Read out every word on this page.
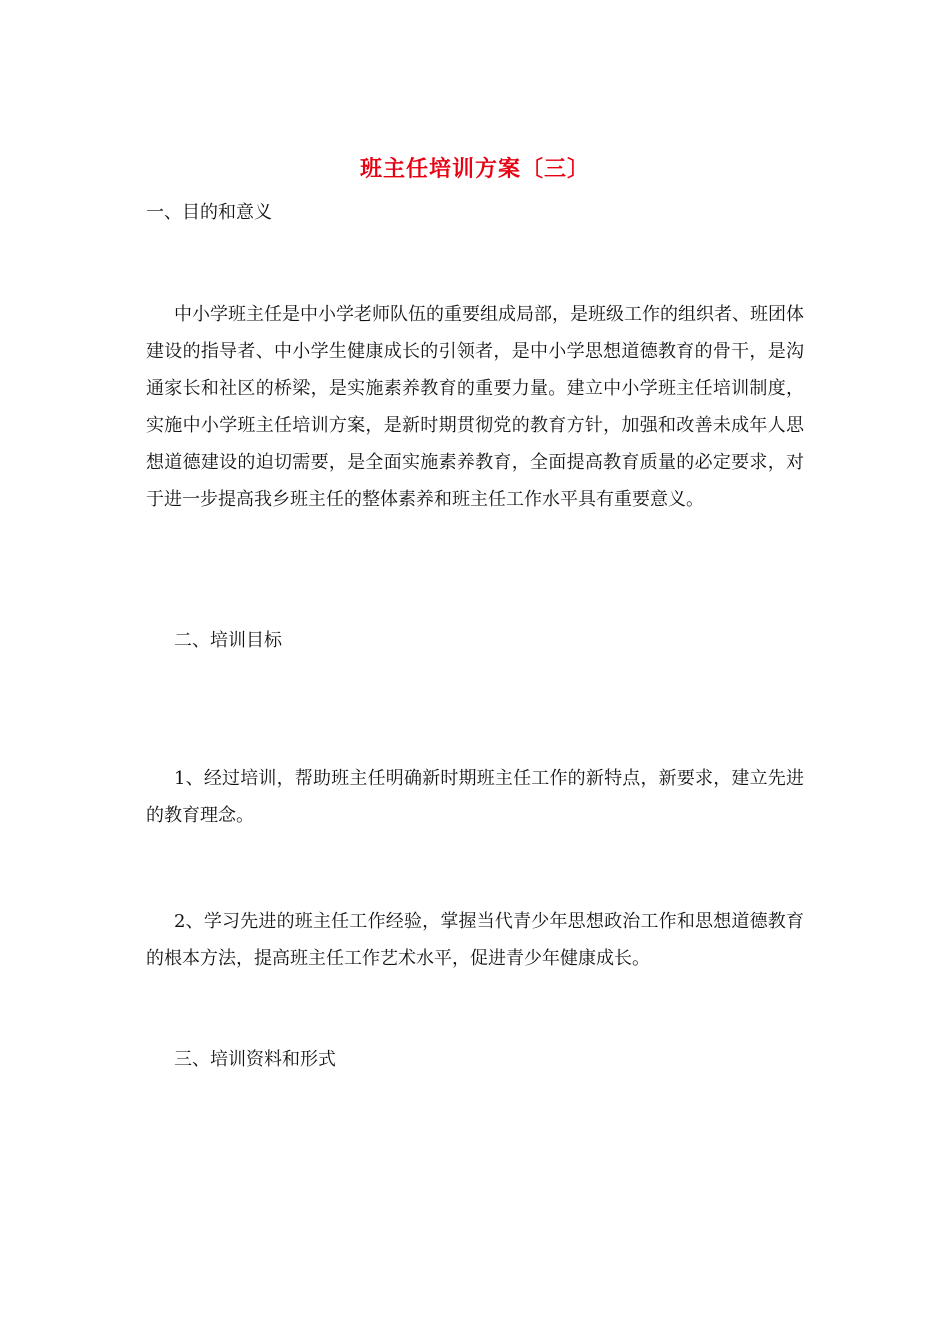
班主任培训方案〔三〕
一、目的和意义
中小学班主任是中小学老师队伍的重要组成局部，是班级工作的组织者、班团体建设的指导者、中小学生健康成长的引领者，是中小学思想道德教育的骨干，是沟通家长和社区的桥梁，是实施素养教育的重要力量。建立中小学班主任培训制度，实施中小学班主任培训方案，是新时期贯彻党的教育方针，加强和改善未成年人思想道德建设的迫切需要，是全面实施素养教育，全面提高教育质量的必定要求，对于进一步提高我乡班主任的整体素养和班主任工作水平具有重要意义。
二、培训目标
1、经过培训，帮助班主任明确新时期班主任工作的新特点，新要求，建立先进的教育理念。
2、学习先进的班主任工作经验，掌握当代青少年思想政治工作和思想道德教育的根本方法，提高班主任工作艺术水平，促进青少年健康成长。
三、培训资料和形式
